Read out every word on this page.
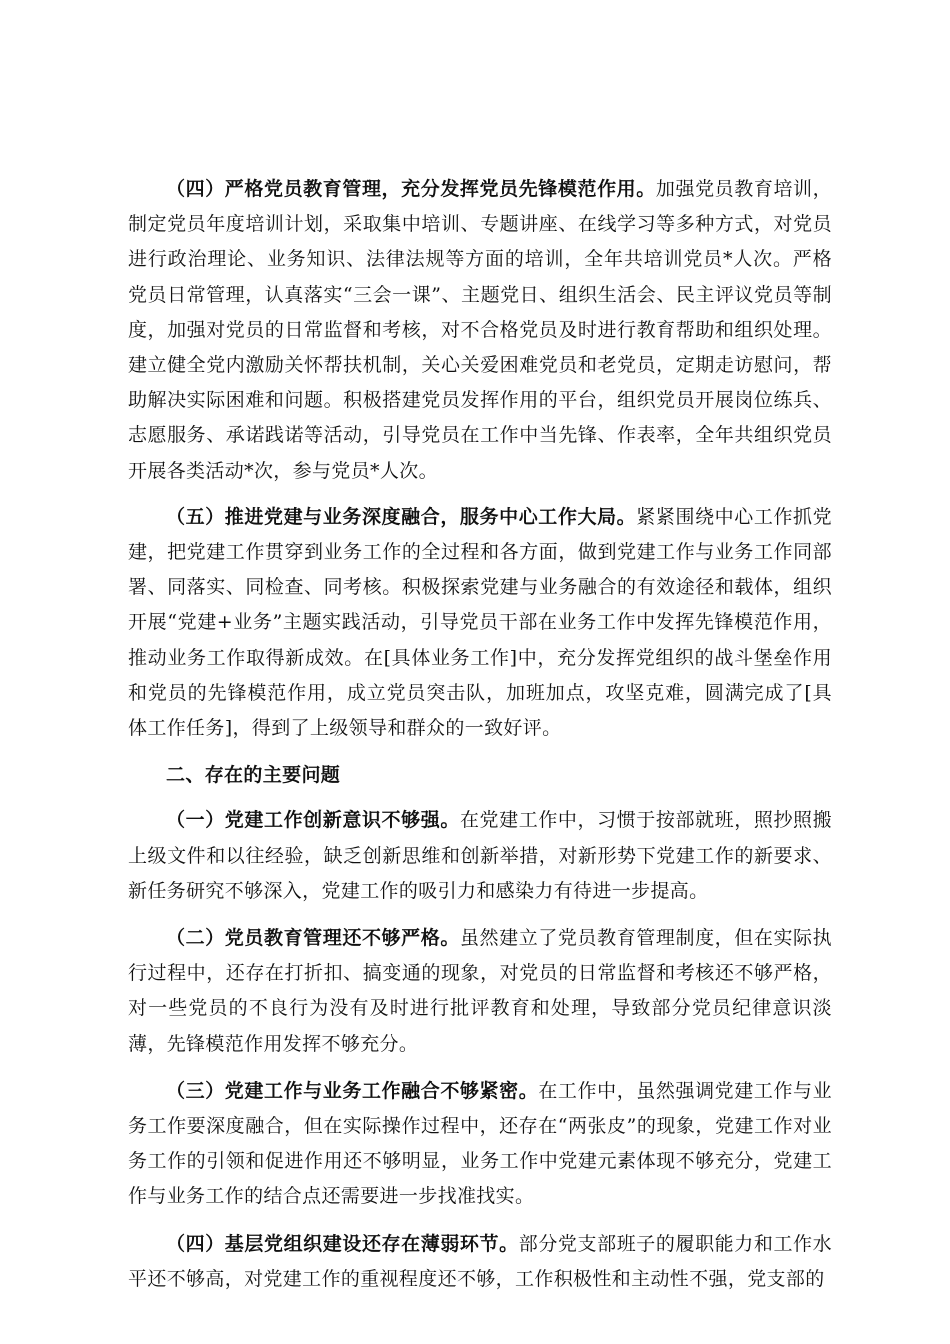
（四）严格党员教育管理，充分发挥党员先锋模范作用。加强党员教育培训，制定党员年度培训计划，采取集中培训、专题讲座、在线学习等多种方式，对党员进行政治理论、业务知识、法律法规等方面的培训，全年共培训党员*人次。严格党员日常管理，认真落实“三会一课”、主题党日、组织生活会、民主评议党员等制度，加强对党员的日常监督和考核，对不合格党员及时进行教育帮助和组织处理。建立健全党内激励关怀帮扶机制，关心关爱困难党员和老党员，定期走访慰问，帮助解决实际困难和问题。积极搭建党员发挥作用的平台，组织党员开展岗位练兵、志愿服务、承诺践诺等活动，引导党员在工作中当先锋、作表率，全年共组织党员开展各类活动*次，参与党员*人次。

（五）推进党建与业务深度融合，服务中心工作大局。紧紧围绕中心工作抓党建，把党建工作贯穿到业务工作的全过程和各方面，做到党建工作与业务工作同部署、同落实、同检查、同考核。积极探索党建与业务融合的有效途径和载体，组织开展“党建+业务”主题实践活动，引导党员干部在业务工作中发挥先锋模范作用，推动业务工作取得新成效。在[具体业务工作]中，充分发挥党组织的战斗堡垒作用和党员的先锋模范作用，成立党员突击队，加班加点，攻坚克难，圆满完成了[具体工作任务]，得到了上级领导和群众的一致好评。

二、存在的主要问题

（一）党建工作创新意识不够强。在党建工作中，习惯于按部就班，照抄照搬上级文件和以往经验，缺乏创新思维和创新举措，对新形势下党建工作的新要求、新任务研究不够深入，党建工作的吸引力和感染力有待进一步提高。

（二）党员教育管理还不够严格。虽然建立了党员教育管理制度，但在实际执行过程中，还存在打折扣、搞变通的现象，对党员的日常监督和考核还不够严格，对一些党员的不良行为没有及时进行批评教育和处理，导致部分党员纪律意识淡薄，先锋模范作用发挥不够充分。

（三）党建工作与业务工作融合不够紧密。在工作中，虽然强调党建工作与业务工作要深度融合，但在实际操作过程中，还存在“两张皮”的现象，党建工作对业务工作的引领和促进作用还不够明显，业务工作中党建元素体现不够充分，党建工作与业务工作的结合点还需要进一步找准找实。

（四）基层党组织建设还存在薄弱环节。部分党支部班子的履职能力和工作水平还不够高，对党建工作的重视程度还不够，工作积极性和主动性不强，党支部的
